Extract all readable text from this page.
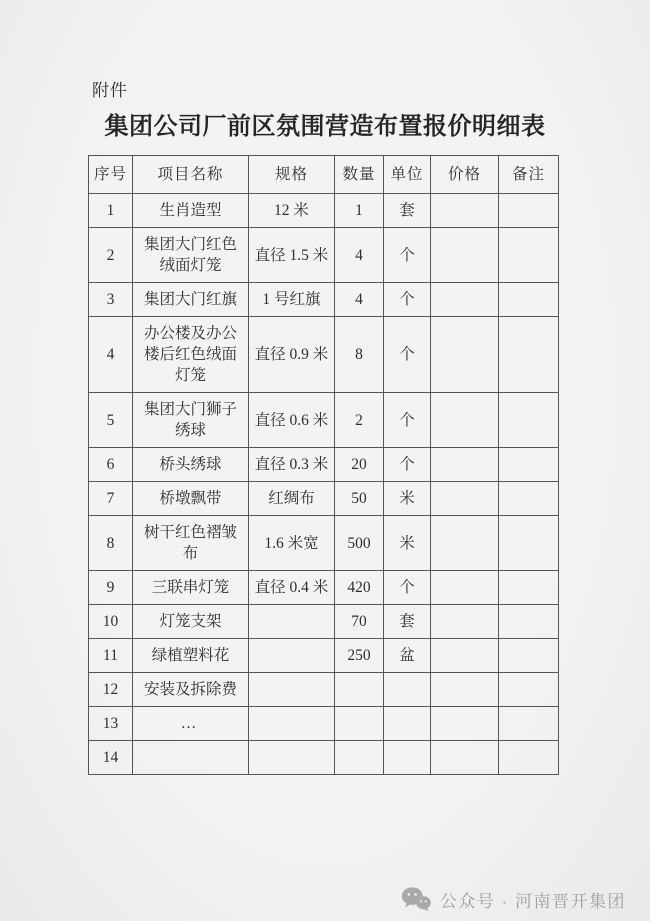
附件
集团公司厂前区氛围营造布置报价明细表
序号	项目名称	规格	数量	单位	价格	备注
1	生肖造型	12 米	1	套		
2	集团大门红色绒面灯笼	直径 1.5 米	4	个		
3	集团大门红旗	1 号红旗	4	个		
4	办公楼及办公楼后红色绒面灯笼	直径 0.9 米	8	个		
5	集团大门狮子绣球	直径 0.6 米	2	个		
6	桥头绣球	直径 0.3 米	20	个		
7	桥墩飘带	红绸布	50	米		
8	树干红色褶皱布	1.6 米宽	500	米		
9	三联串灯笼	直径 0.4 米	420	个		
10	灯笼支架		70	套		
11	绿植塑料花		250	盆		
12	安装及拆除费					
13	…					
14						
公众号 · 河南晋开集团
